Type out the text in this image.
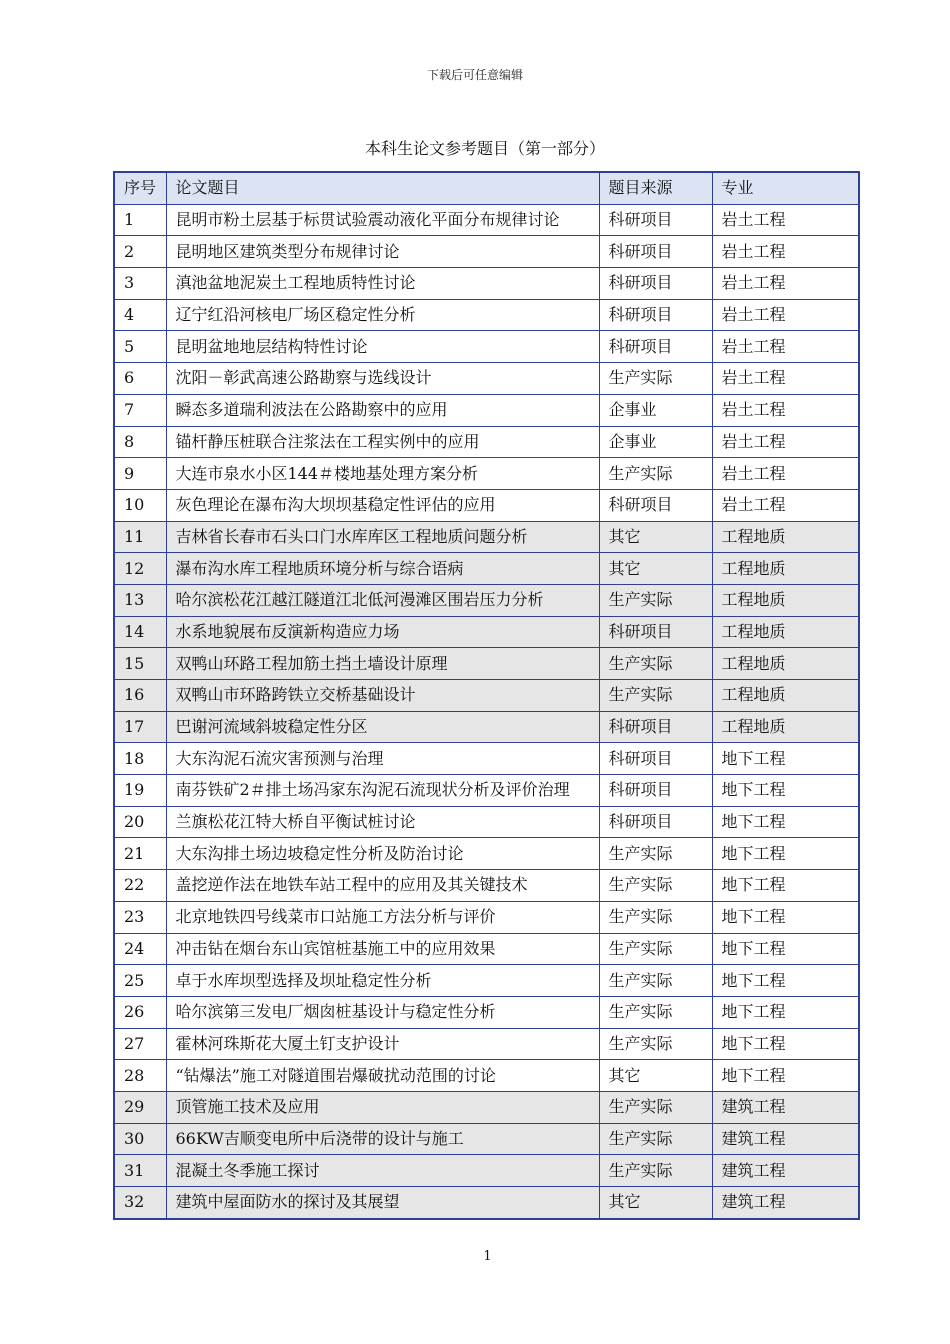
下载后可任意编辑
本科生论文参考题目（第一部分）
序号	论文题目	题目来源	专业
1	昆明市粉土层基于标贯试验震动液化平面分布规律讨论	科研项目	岩土工程
2	昆明地区建筑类型分布规律讨论	科研项目	岩土工程
3	滇池盆地泥炭土工程地质特性讨论	科研项目	岩土工程
4	辽宁红沿河核电厂场区稳定性分析	科研项目	岩土工程
5	昆明盆地地层结构特性讨论	科研项目	岩土工程
6	沈阳－彰武高速公路勘察与选线设计	生产实际	岩土工程
7	瞬态多道瑞利波法在公路勘察中的应用	企事业	岩土工程
8	锚杆静压桩联合注浆法在工程实例中的应用	企事业	岩土工程
9	大连市泉水小区144＃楼地基处理方案分析	生产实际	岩土工程
10	灰色理论在瀑布沟大坝坝基稳定性评估的应用	科研项目	岩土工程
11	吉林省长春市石头口门水库库区工程地质问题分析	其它	工程地质
12	瀑布沟水库工程地质环境分析与综合语病	其它	工程地质
13	哈尔滨松花江越江隧道江北低河漫滩区围岩压力分析	生产实际	工程地质
14	水系地貌展布反演新构造应力场	科研项目	工程地质
15	双鸭山环路工程加筋土挡土墙设计原理	生产实际	工程地质
16	双鸭山市环路跨铁立交桥基础设计	生产实际	工程地质
17	巴谢河流域斜坡稳定性分区	科研项目	工程地质
18	大东沟泥石流灾害预测与治理	科研项目	地下工程
19	南芬铁矿2＃排土场冯家东沟泥石流现状分析及评价治理	科研项目	地下工程
20	兰旗松花江特大桥自平衡试桩讨论	科研项目	地下工程
21	大东沟排土场边坡稳定性分析及防治讨论	生产实际	地下工程
22	盖挖逆作法在地铁车站工程中的应用及其关键技术	生产实际	地下工程
23	北京地铁四号线菜市口站施工方法分析与评价	生产实际	地下工程
24	冲击钻在烟台东山宾馆桩基施工中的应用效果	生产实际	地下工程
25	卓于水库坝型选择及坝址稳定性分析	生产实际	地下工程
26	哈尔滨第三发电厂烟囱桩基设计与稳定性分析	生产实际	地下工程
27	霍林河珠斯花大厦土钉支护设计	生产实际	地下工程
28	“钻爆法”施工对隧道围岩爆破扰动范围的讨论	其它	地下工程
29	顶管施工技术及应用	生产实际	建筑工程
30	66KW吉顺变电所中后浇带的设计与施工	生产实际	建筑工程
31	混凝土冬季施工探讨	生产实际	建筑工程
32	建筑中屋面防水的探讨及其展望	其它	建筑工程
1
